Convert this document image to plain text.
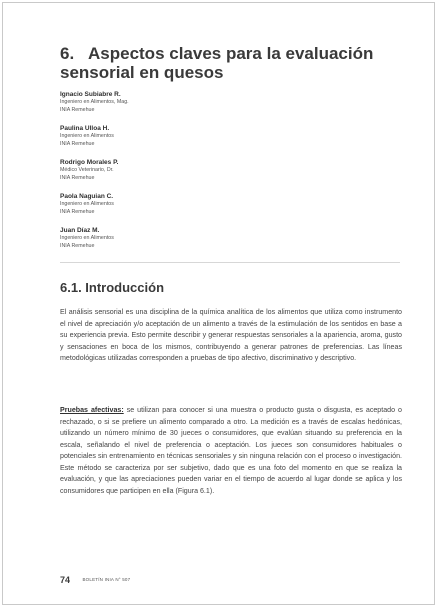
6. Aspectos claves para la evaluación sensorial en quesos
Ignacio Subiabre R.
Ingeniero en Alimentos, Mag.
INIA Remehue
Paulina Ulloa H.
Ingeniero en Alimentos
INIA Remehue
Rodrigo Morales P.
Médico Veterinario, Dr.
INIA Remehue
Paola Naguian C.
Ingeniero en Alimentos
INIA Remehue
Juan Díaz M.
Ingeniero en Alimentos
INIA Remehue
6.1. Introducción

El análisis sensorial es una disciplina de la química analítica de los alimentos que utiliza como instrumento el nivel de apreciación y/o aceptación de un alimento a través de la estimulación de los sentidos en base a su experiencia previa. Esto permite describir y generar respuestas sensoriales a la apariencia, aroma, gusto y sensaciones en boca de los mismos, contribuyendo a generar patrones de preferencias. Las líneas metodológicas utilizadas corresponden a pruebas de tipo afectivo, discriminativo y descriptivo.

Pruebas afectivas: se utilizan para conocer si una muestra o producto gusta o disgusta, es aceptado o rechazado, o si se prefiere un alimento comparado a otro. La medición es a través de escalas hedónicas, utilizando un número mínimo de 30 jueces o consumidores, que evalúan situando su preferencia en la escala, señalando el nivel de preferencia o aceptación. Los jueces son consumidores habituales o potenciales sin entrenamiento en técnicas sensoriales y sin ninguna relación con el proceso o investigación. Este método se caracteriza por ser subjetivo, dado que es una foto del momento en que se realiza la evaluación, y que las apreciaciones pueden variar en el tiempo de acuerdo al lugar donde se aplica y los consumidores que participen en ella (Figura 6.1).

74	BOLETÍN INIA N° 507
